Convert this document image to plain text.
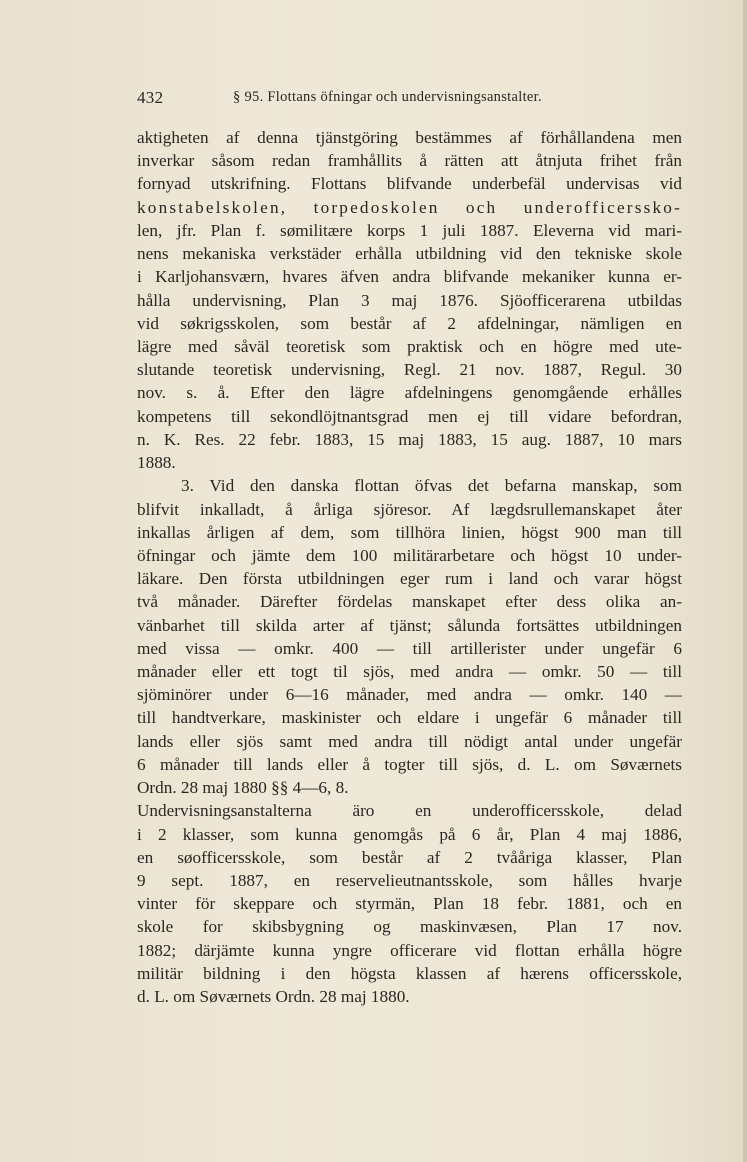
432	§ 95. Flottans öfningar och undervisningsanstalter.
aktigheten af denna tjänstgöring bestämmes af förhållandena men
inverkar såsom redan framhållits å rätten att åtnjuta frihet från
fornyad utskrifning. Flottans blifvande underbefäl undervisas vid
konstabelskolen, torpedoskolen och underofficersskо-
len, jfr. Plan f. sømilitære korps 1 juli 1887. Eleverna vid mari-
nens mekaniska verkstäder erhålla utbildning vid den tekniske skole
i Karljohansværn, hvares äfven andra blifvande mekaniker kunna er-
hålla undervisning, Plan 3 maj 1876. Sjöofficerarena utbildas
vid søkrigsskolen, som består af 2 afdelningar, nämligen en
lägre med såväl teoretisk som praktisk och en högre med ute-
slutande teoretisk undervisning, Regl. 21 nov. 1887, Regul. 30
nov. s. å. Efter den lägre afdelningens genomgående erhålles
kompetens till sekondlöjtnantsgrad men ej till vidare befordran,
n. K. Res. 22 febr. 1883, 15 maj 1883, 15 aug. 1887, 10 mars
1888.
3. Vid den danska flottan öfvas det befarna manskap, som
blifvit inkalladt, å årliga sjöresor. Af lægdsrullemanskapet åter
inkallas årligen af dem, som tillhöra linien, högst 900 man till
öfningar och jämte dem 100 militärarbetare och högst 10 under-
läkare. Den första utbildningen eger rum i land och varar högst
två månader. Därefter fördelas manskapet efter dess olika an-
vänbarhet till skilda arter af tjänst; sålunda fortsättes utbildningen
med vissa — omkr. 400 — till artillerister under ungefär 6
månader eller ett togt til sjös, med andra — omkr. 50 — till
sjöminörer under 6—16 månader, med andra — omkr. 140 —
till handtverkare, maskinister och eldare i ungefär 6 månader till
lands eller sjös samt med andra till nödigt antal under ungefär
6 månader till lands eller å togter till sjös, d. L. om Søværnets
Ordn. 28 maj 1880 §§ 4—6, 8.
Undervisningsanstalterna äro en underofficersskole, delad
i 2 klasser, som kunna genomgås på 6 år, Plan 4 maj 1886,
en søofficersskole, som består af 2 tvååriga klasser, Plan
9 sept. 1887, en reservelieutnantsskole, som hålles hvarje
vinter för skeppare och styrmän, Plan 18 febr. 1881, och en
skole for skibsbygning og maskinvæsen, Plan 17 nov.
1882; därjämte kunna yngre officerare vid flottan erhålla högre
militär bildning i den högsta klassen af hærens officersskole,
d. L. om Søværnets Ordn. 28 maj 1880.
